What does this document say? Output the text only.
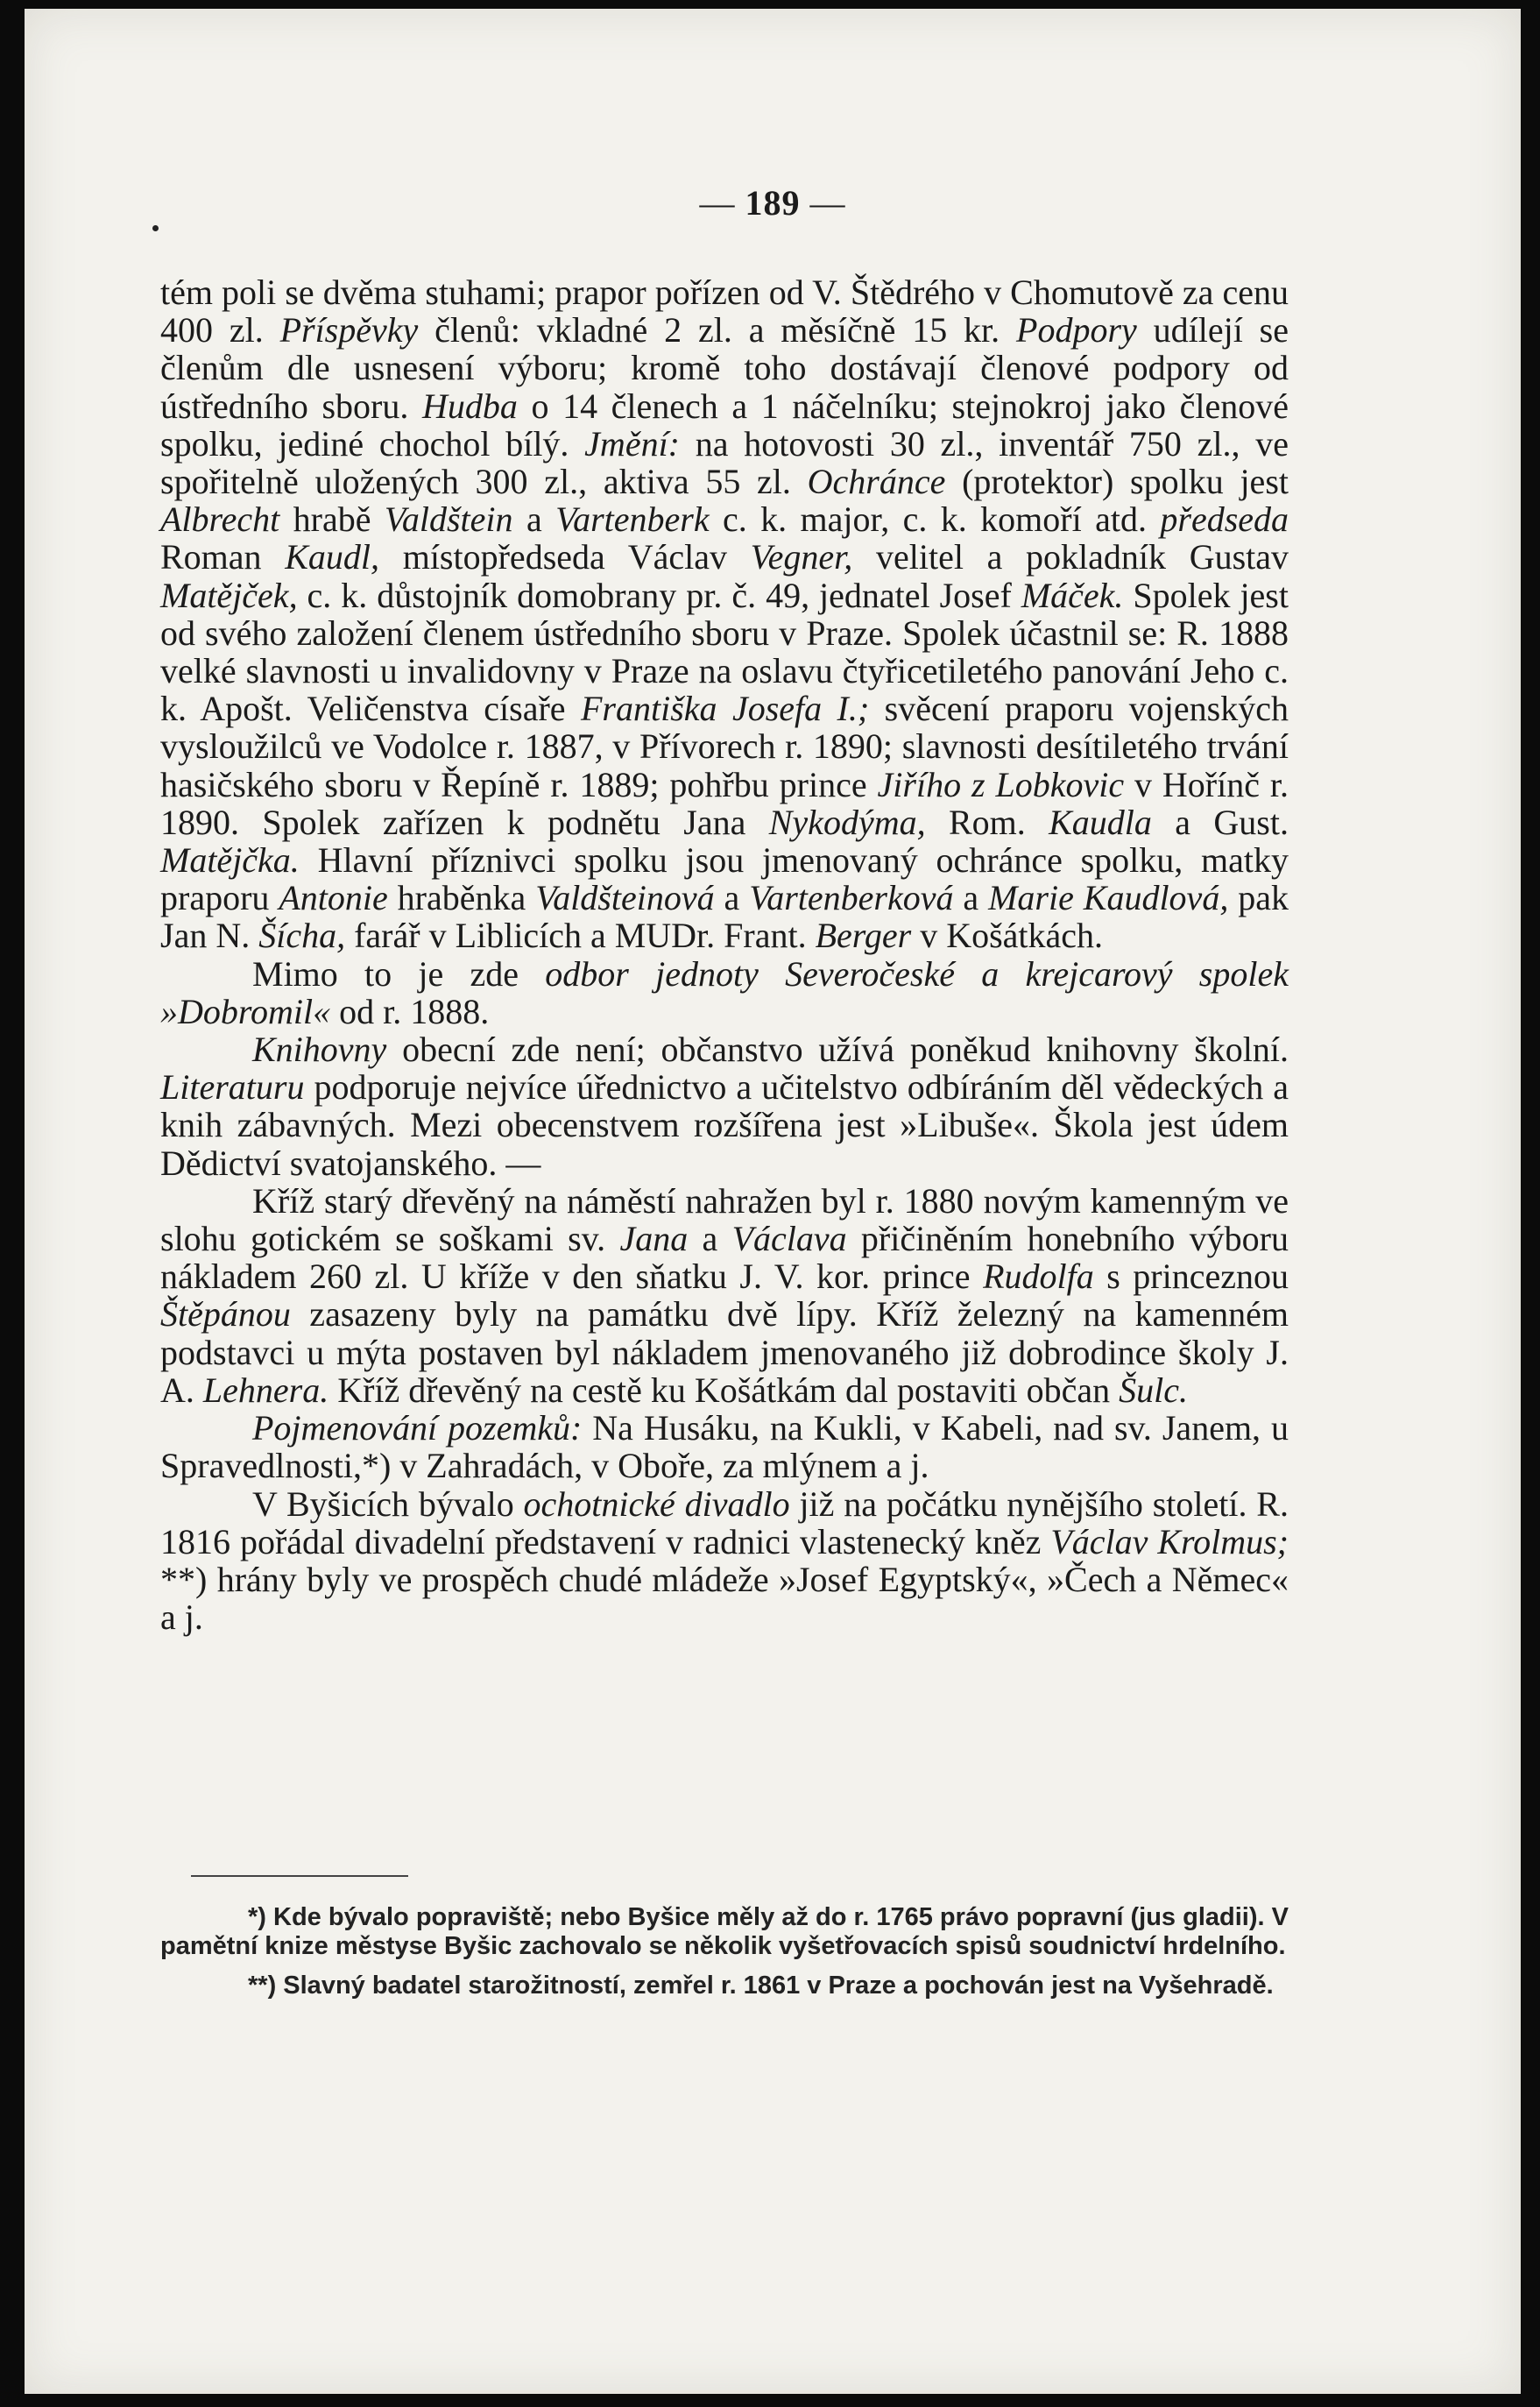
— 189 —

tém poli se dvěma stuhami; prapor pořízen od V. Štědrého v Chomutově za cenu 400 zl. Příspěvky členů: vkladné 2 zl. a měsíčně 15 kr. Podpory udílejí se členům dle usnesení výboru; kromě toho dostávají členové podpory od ústředního sboru. Hudba o 14 členech a 1 náčelníku; stejnokroj jako členové spolku, jediné chochol bílý. Jmění: na hotovosti 30 zl., inventář 750 zl., ve spořitelně uložených 300 zl., aktiva 55 zl. Ochránce (protektor) spolku jest Albrecht hrabě Valdštein a Vartenberk c. k. major, c. k. komoří atd. předseda Roman Kaudl, místopředseda Václav Vegner, velitel a pokladník Gustav Matějček, c. k. důstojník domobrany pr. č. 49, jednatel Josef Máček. Spolek jest od svého založení členem ústředního sboru v Praze. Spolek účastnil se: R. 1888 velké slavnosti u invalidovny v Praze na oslavu čtyřicetiletého panování Jeho c. k. Apošt. Veličenstva císaře Františka Josefa I.; svěcení praporu vojenských vysloužilců ve Vodolce r. 1887, v Přívorech r. 1890; slavnosti desítiletého trvání hasičského sboru v Řepíně r. 1889; pohřbu prince Jiřího z Lobkovic v Hořínč r. 1890. Spolek zařízen k podnětu Jana Nykodýma, Rom. Kaudla a Gust. Matějčka. Hlavní příznivci spolku jsou jmenovaný ochránce spolku, matky praporu Antonie hraběnka Valdšteinová a Vartenberková a Marie Kaudlová, pak Jan N. Šícha, farář v Liblicích a MUDr. Frant. Berger v Košátkách.

Mimo to je zde odbor jednoty Severočeské a krejcarový spolek »Dobromil« od r. 1888.

Knihovny obecní zde není; občanstvo užívá poněkud knihovny školní. Literaturu podporuje nejvíce úřednictvo a učitelstvo odbíráním děl vědeckých a knih zábavných. Mezi obecenstvem rozšířena jest »Libuše«. Škola jest údem Dědictví svatojanského. —

Kříž starý dřevěný na náměstí nahražen byl r. 1880 novým kamenným ve slohu gotickém se soškami sv. Jana a Václava přičiněním honebního výboru nákladem 260 zl. U kříže v den sňatku J. V. kor. prince Rudolfa s princeznou Štěpánou zasazeny byly na památku dvě lípy. Kříž železný na kamenném podstavci u mýta postaven byl nákladem jmenovaného již dobrodince školy J. A. Lehnera. Kříž dřevěný na cestě ku Košátkám dal postaviti občan Šulc.

Pojmenování pozemků: Na Husáku, na Kukli, v Kabeli, nad sv. Janem, u Spravedlnosti,*) v Zahradách, v Oboře, za mlýnem a j.

V Byšicích bývalo ochotnické divadlo již na počátku nynějšího století. R. 1816 pořádal divadelní představení v radnici vlastenecký kněz Václav Krolmus; **) hrány byly ve prospěch chudé mládeže »Josef Egyptský«, »Čech a Němec« a j.

*) Kde bývalo popraviště; nebo Byšice měly až do r. 1765 právo popravní (jus gladii). V pamětní knize městyse Byšic zachovalo se několik vyšetřovacích spisů soudnictví hrdelního.

**) Slavný badatel starožitností, zemřel r. 1861 v Praze a pochován jest na Vyšehradě.
